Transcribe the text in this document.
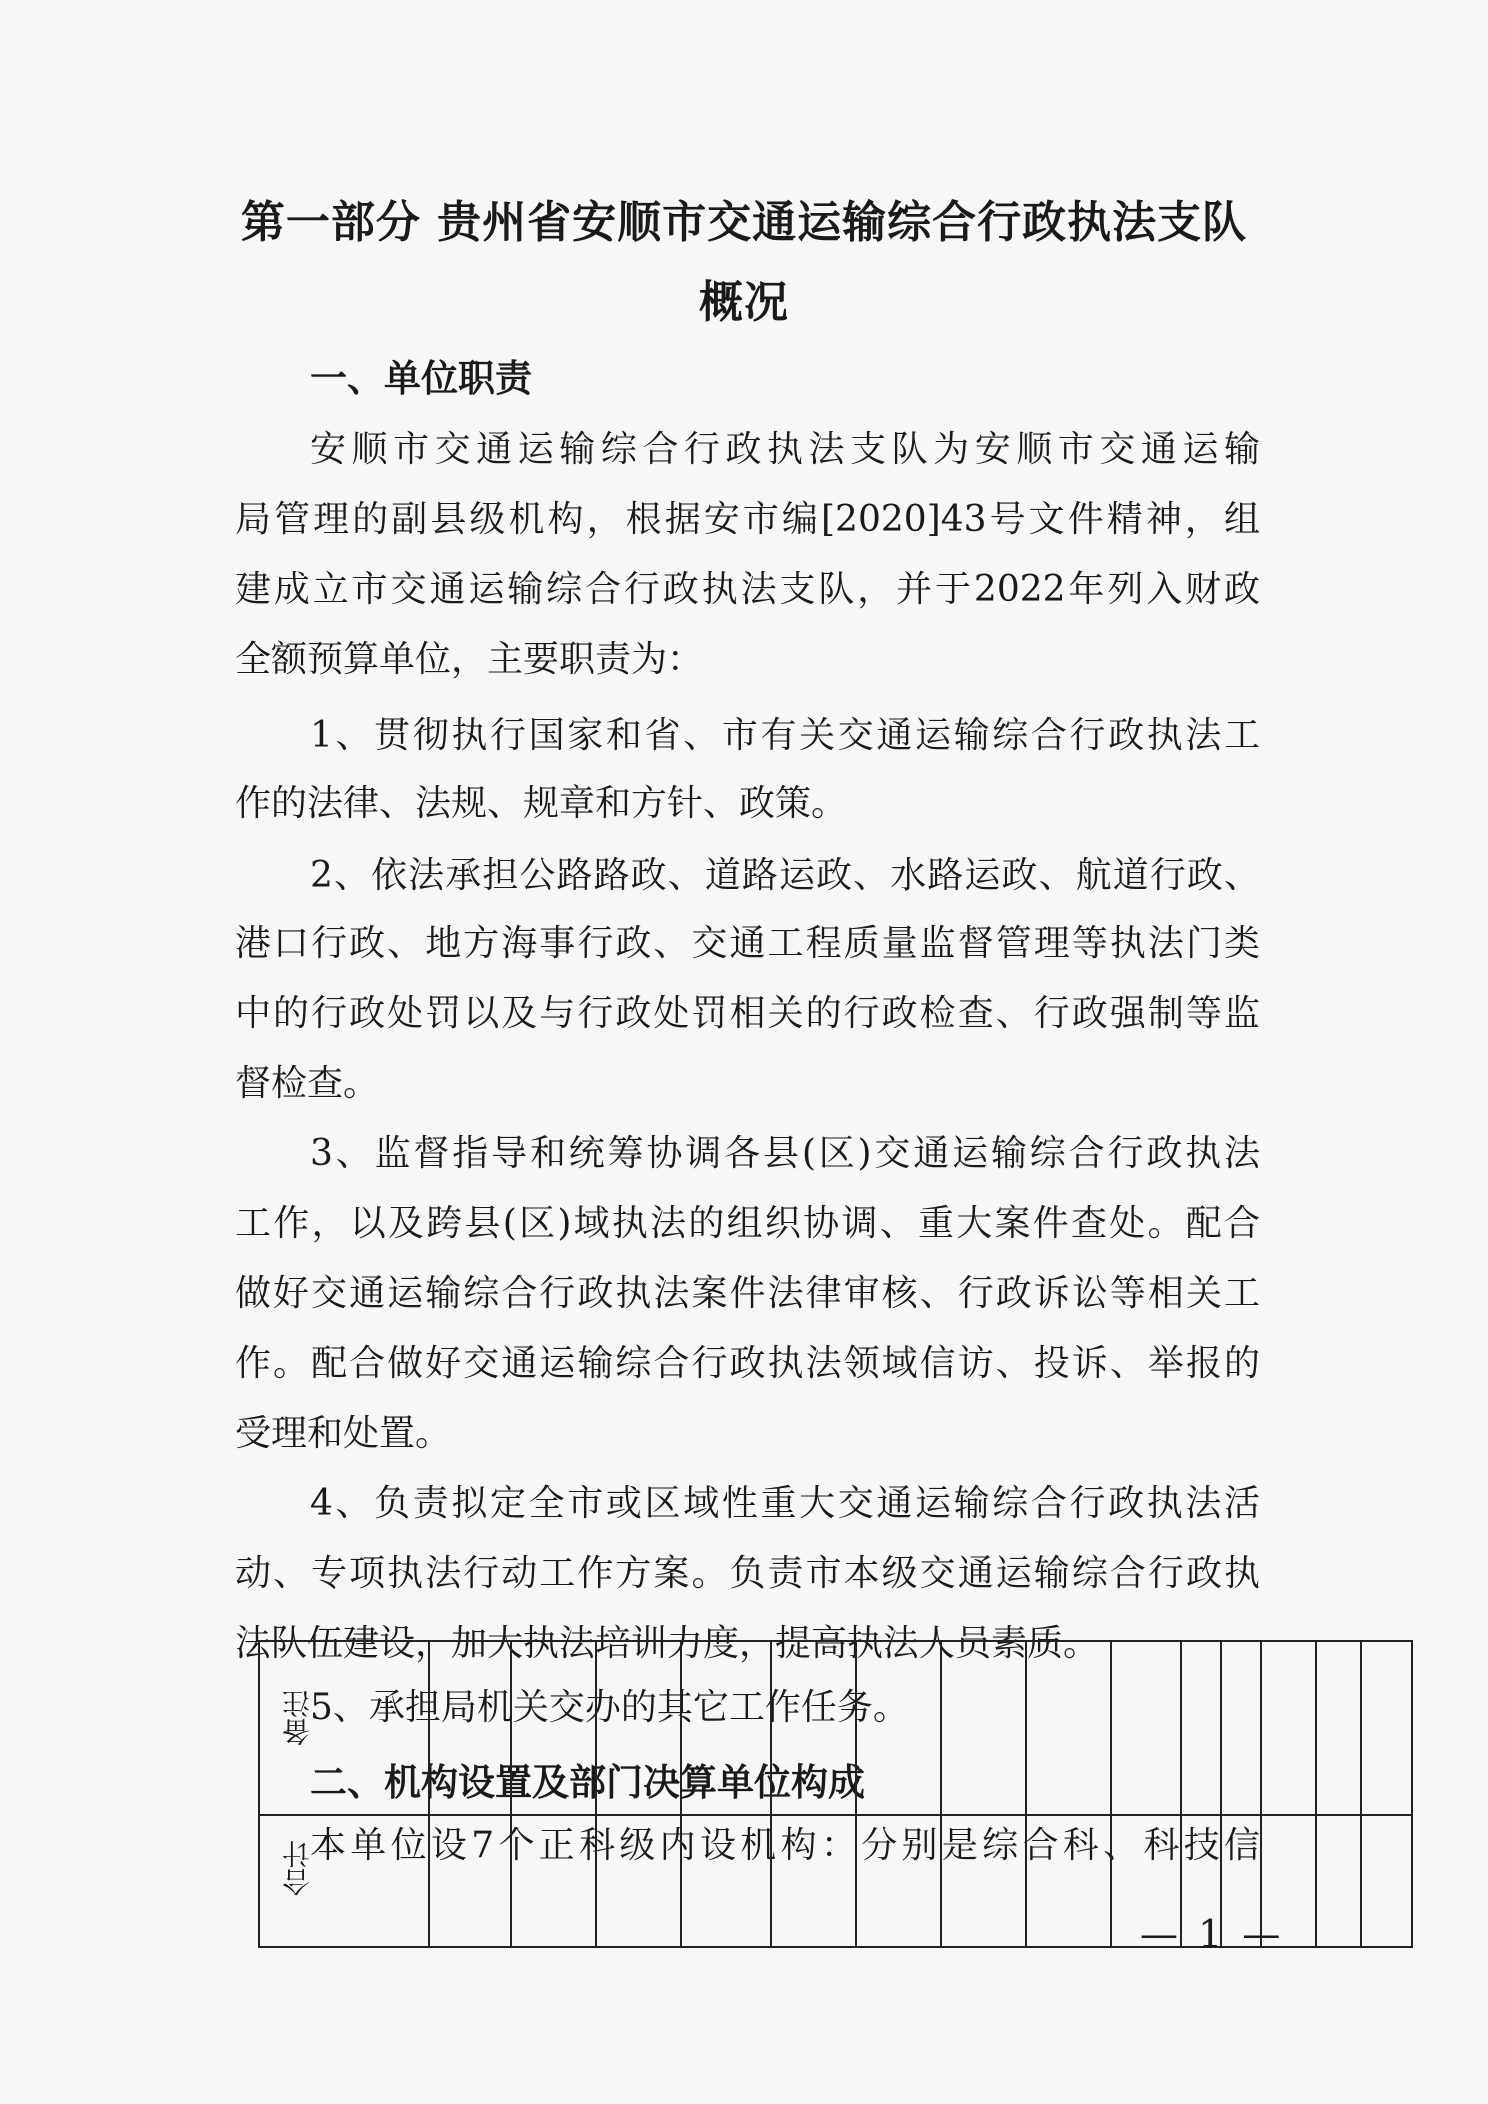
第一部分 贵州省安顺市交通运输综合行政执法支队
概况
一、单位职责
安顺市交通运输综合行政执法支队为安顺市交通运输
局管理的副县级机构，根据安市编[2020]43号文件精神，组
建成立市交通运输综合行政执法支队，并于2022年列入财政
全额预算单位，主要职责为：
1、贯彻执行国家和省、市有关交通运输综合行政执法工
作的法律、法规、规章和方针、政策。
2、依法承担公路路政、道路运政、水路运政、航道行政、
港口行政、地方海事行政、交通工程质量监督管理等执法门类
中的行政处罚以及与行政处罚相关的行政检查、行政强制等监
督检查。
3、监督指导和统筹协调各县(区)交通运输综合行政执法
工作，以及跨县(区)域执法的组织协调、重大案件查处。配合
做好交通运输综合行政执法案件法律审核、行政诉讼等相关工
作。配合做好交通运输综合行政执法领域信访、投诉、举报的
受理和处置。
4、负责拟定全市或区域性重大交通运输综合行政执法活
动、专项执法行动工作方案。负责市本级交通运输综合行政执
法队伍建设，加大执法培训力度，提高执法人员素质。
5、承担局机关交办的其它工作任务。
二、机构设置及部门决算单位构成
本单位设7个正科级内设机构：分别是综合科、科技信
备注
合计
— 1 —
